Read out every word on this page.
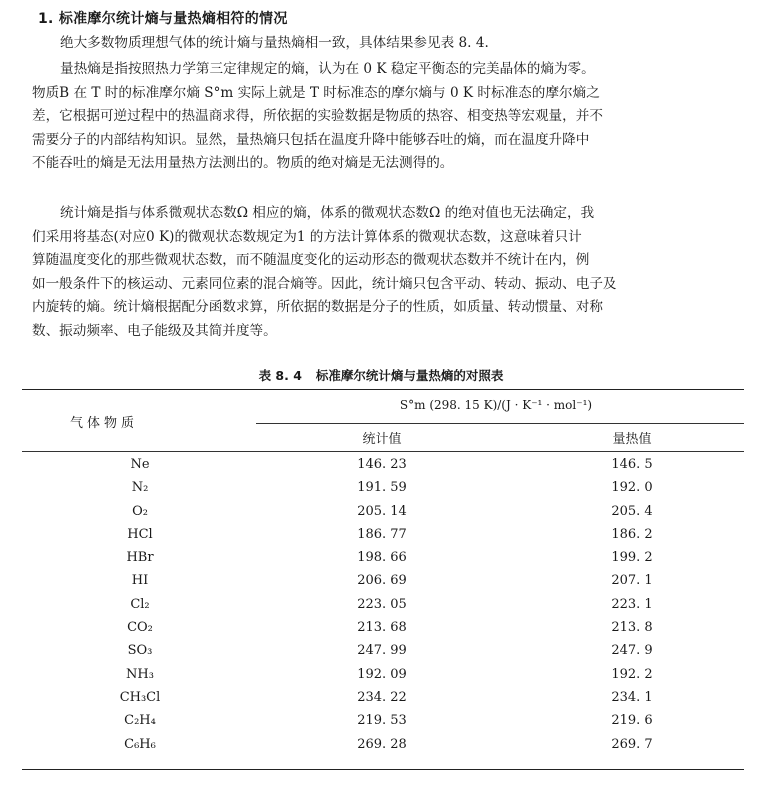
1. 标准摩尔统计熵与量热熵相符的情况

绝大多数物质理想气体的统计熵与量热熵相一致，具体结果参见表 8. 4.

量热熵是指按照热力学第三定律规定的熵，认为在 0 K 稳定平衡态的完美晶体的熵为零。

物质B 在 T 时的标准摩尔熵 S°m 实际上就是 T 时标准态的摩尔熵与 0 K 时标准态的摩尔熵之

差，它根据可逆过程中的热温商求得，所依据的实验数据是物质的热容、相变热等宏观量，并不

需要分子的内部结构知识。显然，量热熵只包括在温度升降中能够吞吐的熵，而在温度升降中

不能吞吐的熵是无法用量热方法测出的。物质的绝对熵是无法测得的。

统计熵是指与体系微观状态数Ω 相应的熵，体系的微观状态数Ω 的绝对值也无法确定，我

们采用将基态(对应0 K)的微观状态数规定为1 的方法计算体系的微观状态数，这意味着只计

算随温度变化的那些微观状态数，而不随温度变化的运动形态的微观状态数并不统计在内，例

如一般条件下的核运动、元素同位素的混合熵等。因此，统计熵只包含平动、转动、振动、电子及

内旋转的熵。统计熵根据配分函数求算，所依据的数据是分子的性质，如质量、转动惯量、对称

数、振动频率、电子能级及其简并度等。

表 8. 4 标准摩尔统计熵与量热熵的对照表
气体物质
S°m (298. 15 K)/(J · K⁻¹ · mol⁻¹)
统计值	量热值
Ne	146. 23	146. 5
N₂	191. 59	192. 0
O₂	205. 14	205. 4
HCl	186. 77	186. 2
HBr	198. 66	199. 2
HI	206. 69	207. 1
Cl₂	223. 05	223. 1
CO₂	213. 68	213. 8
SO₃	247. 99	247. 9
NH₃	192. 09	192. 2
CH₃Cl	234. 22	234. 1
C₂H₄	219. 53	219. 6
C₆H₆	269. 28	269. 7
